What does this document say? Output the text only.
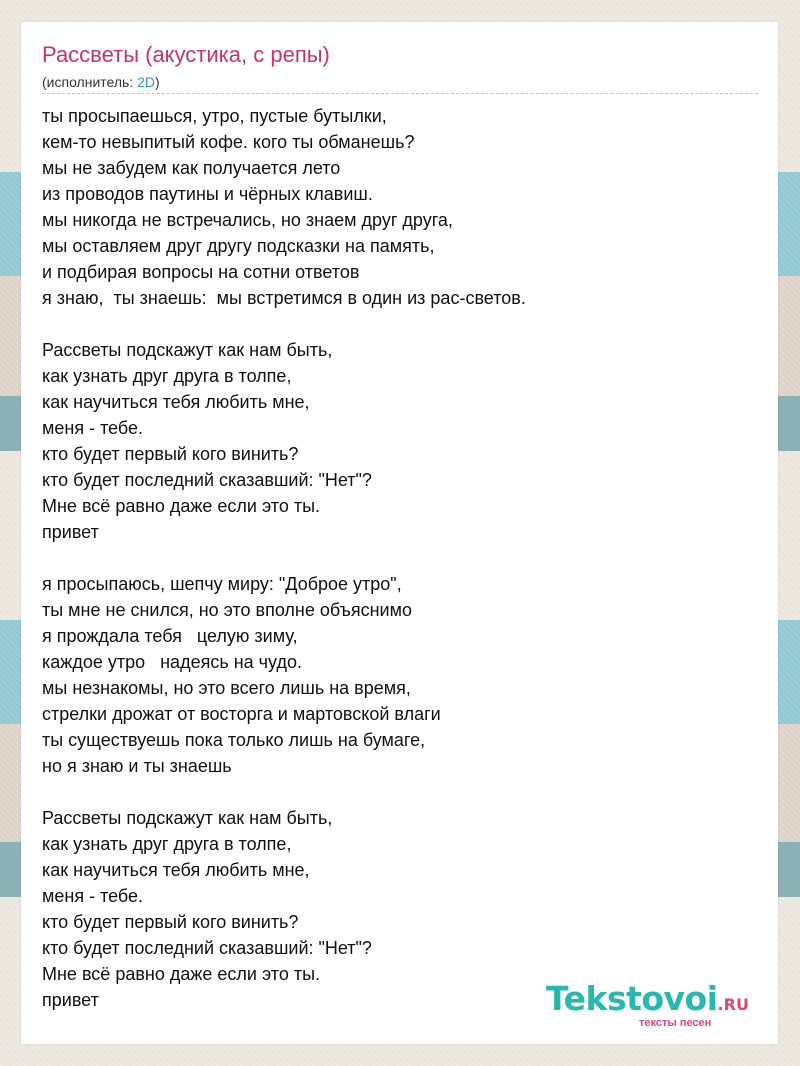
Рассветы (акустика, с репы)
(исполнитель: 2D)
ты просыпаешься, утро, пустые бутылки,
кем-то невыпитый кофе. кого ты обманешь?
мы не забудем как получается лето
из проводов паутины и чёрных клавиш.
мы никогда не встречались, но знаем друг друга,
мы оставляем друг другу подсказки на память,
и подбирая вопросы на сотни ответов
я знаю,  ты знаешь:  мы встретимся в один из рас-светов.

Рассветы подскажут как нам быть,
как узнать друг друга в толпе,
как научиться тебя любить мне,
меня - тебе.
кто будет первый кого винить?
кто будет последний сказавший: "Нет"?
Мне всё равно даже если это ты.
привет

я просыпаюсь, шепчу миру: "Доброе утро",
ты мне не снился, но это вполне объяснимо
я прождала тебя   целую зиму,
каждое утро   надеясь на чудо.
мы незнакомы, но это всего лишь на время,
стрелки дрожат от восторга и мартовской влаги
ты существуешь пока только лишь на бумаге,
но я знаю и ты знаешь

Рассветы подскажут как нам быть,
как узнать друг друга в толпе,
как научиться тебя любить мне,
меня - тебе.
кто будет первый кого винить?
кто будет последний сказавший: "Нет"?
Мне всё равно даже если это ты.
привет	Tekstovoi.RU
тексты песен
